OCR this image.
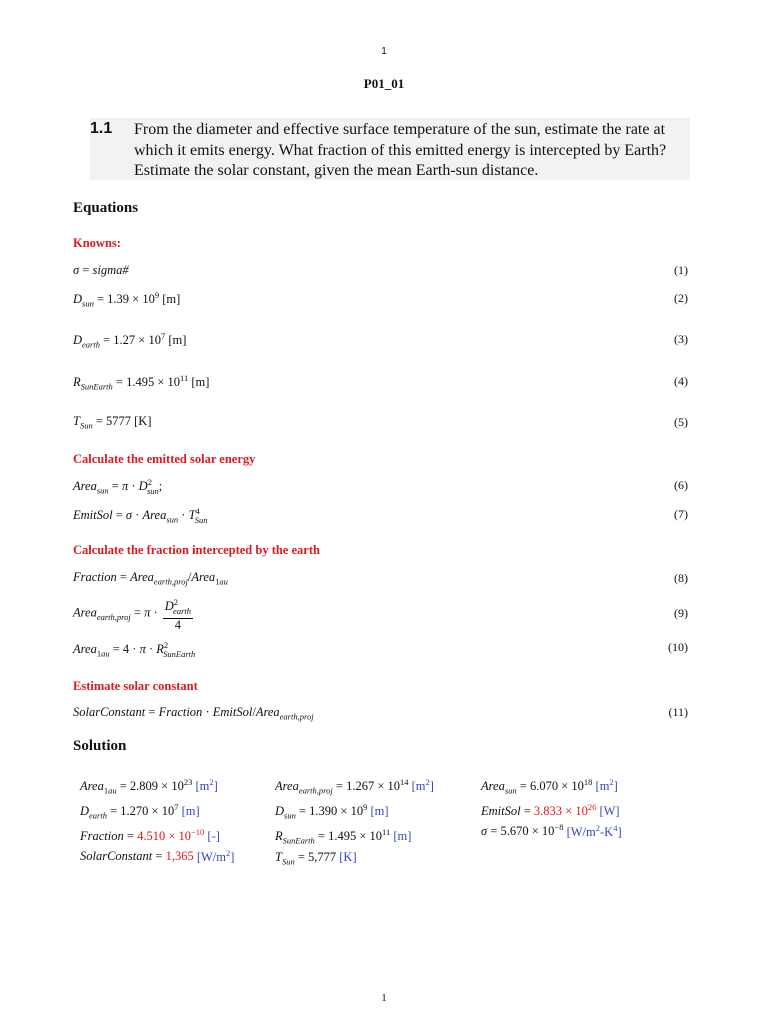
1
P01_01
1.1 From the diameter and effective surface temperature of the sun, estimate the rate at which it emits energy. What fraction of this emitted energy is intercepted by Earth? Estimate the solar constant, given the mean Earth-sun distance.
Equations
Knowns:
σ = sigma#	(1)
$D_{sun} = 1.39 \times 10^9$ [m]	(2)
$D_{earth} = 1.27 \times 10^7$ [m]	(3)
$R_{SunEarth} = 1.495 \times 10^{11}$ [m]	(4)
$T_{Sun} = 5777$ [K]	(5)
Calculate the emitted solar energy
Area$_{sun}$ = $\pi \cdot D^2_{sun}$;	(6)
EmitSol = σ · Area$_{sun}$ · $T^4_{Sun}$	(7)
Calculate the fraction intercepted by the earth
Fraction = Area$_{earth,proj}$/Area$_{1au}$	(8)
Area$_{earth,proj}$ = $\pi \cdot \frac{D^2_{earth}}{4}$	(9)
Area$_{1au}$ = $4 \cdot \pi \cdot R^2_{SunEarth}$	(10)
Estimate solar constant
SolarConstant = Fraction · EmitSol/Area$_{earth,proj}$	(11)
Solution
Area$_{1au}$ = $2.809 \times 10^{23}$ $[m^2]$
$D_{earth} = 1.270 \times 10^7$ [m]
Fraction = $4.510 \times 10^{-10}$ [-]
SolarConstant = 1,365 $[W/m^2]$
Area$_{earth,proj}$ = $1.267 \times 10^{14}$ $[m^2]$
$D_{sun} = 1.390 \times 10^9$ [m]
$R_{SunEarth} = 1.495 \times 10^{11}$ [m]
$T_{Sun} = 5,777$ [K]
Area$_{sun}$ = $6.070 \times 10^{18}$ $[m^2]$
EmitSol = $3.833 \times 10^{26}$ [W]
$\sigma = 5.670 \times 10^{-8}$ $[W/m^2-K^4]$
1
